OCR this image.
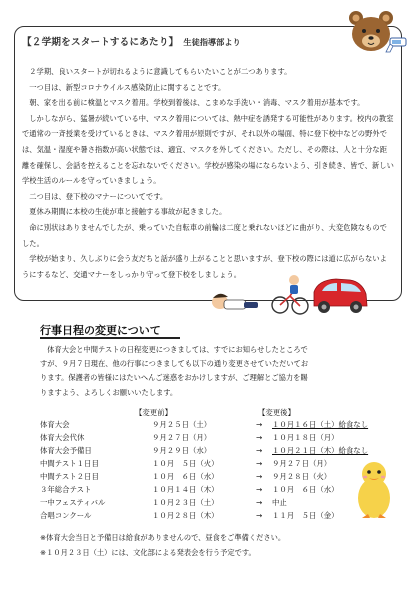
【２学期をスタートするにあたり】 生徒指導部より

２学期、良いスタートが切れるように意識してもらいたいことが二つあります。

一つ目は、新型コロナウイルス感染防止に関することです。

朝、家を出る前に検温とマスク着用。学校到着後は、こまめな手洗い・消毒、マスク着用が基本です。

しかしながら、猛暑が続いている中、マスク着用については、熱中症を誘発する可能性があります。校内の教室で通常の一斉授業を受けているときは、マスク着用が原則ですが、それ以外の場面、特に登下校中などの野外では、気温・湿度や暑さ指数が高い状態では、適宜、マスクを外してください。ただし、その際は、人と十分な距離を確保し、会話を控えることを忘れないでください。学校が感染の場にならないよう、引き続き、皆で、新しい学校生活のルールを守っていきましょう。

二つ目は、登下校のマナーについてです。

夏休み期間に本校の生徒が車と接触する事故が起きました。

命に別状はありませんでしたが、乗っていた自転車の前輪は二度と乗れないほどに曲がり、大変危険なものでした。

学校が始まり、久しぶりに会う友だちと話が盛り上がることと思いますが、登下校の際には道に広がらないようにするなど、交通マナーをしっかり守って登下校をしましょう。

行事日程の変更について

体育大会と中間テストの日程変更につきましては、すでにお知らせしたところで

すが、９月７日現在、他の行事につきましても以下の通り変更させていただいてお

ります。保護者の皆様にはたいへんご迷惑をおかけしますが、ご理解とご協力を賜

りますよう、よろしくお願いいたします。

【変更前】	【変更後】
体育大会	９月２５日（土）	→ １０月１６日（土）給食なし
体育大会代休	９月２７日（月）	→ １０月１８日（月）
体育大会予備日	９月２９日（水）	→ １０月２１日（木）給食なし
中間テスト１日目	１０月　５日（火）	→ ９月２７日（月）
中間テスト２日目	１０月　６日（水）	→ ９月２８日（火）
３年総合テスト	１０月１４日（木）	→ １０月　６日（水）
一中フェスティバル	１０月２３日（土）	→ 中止
合唱コンクール	１０月２８日（木）	→ １１月　５日（金）

※体育大会当日と予備日は給食がありませんので、昼食をご準備ください。

※１０月２３日（土）には、文化部による発表会を行う予定です。
